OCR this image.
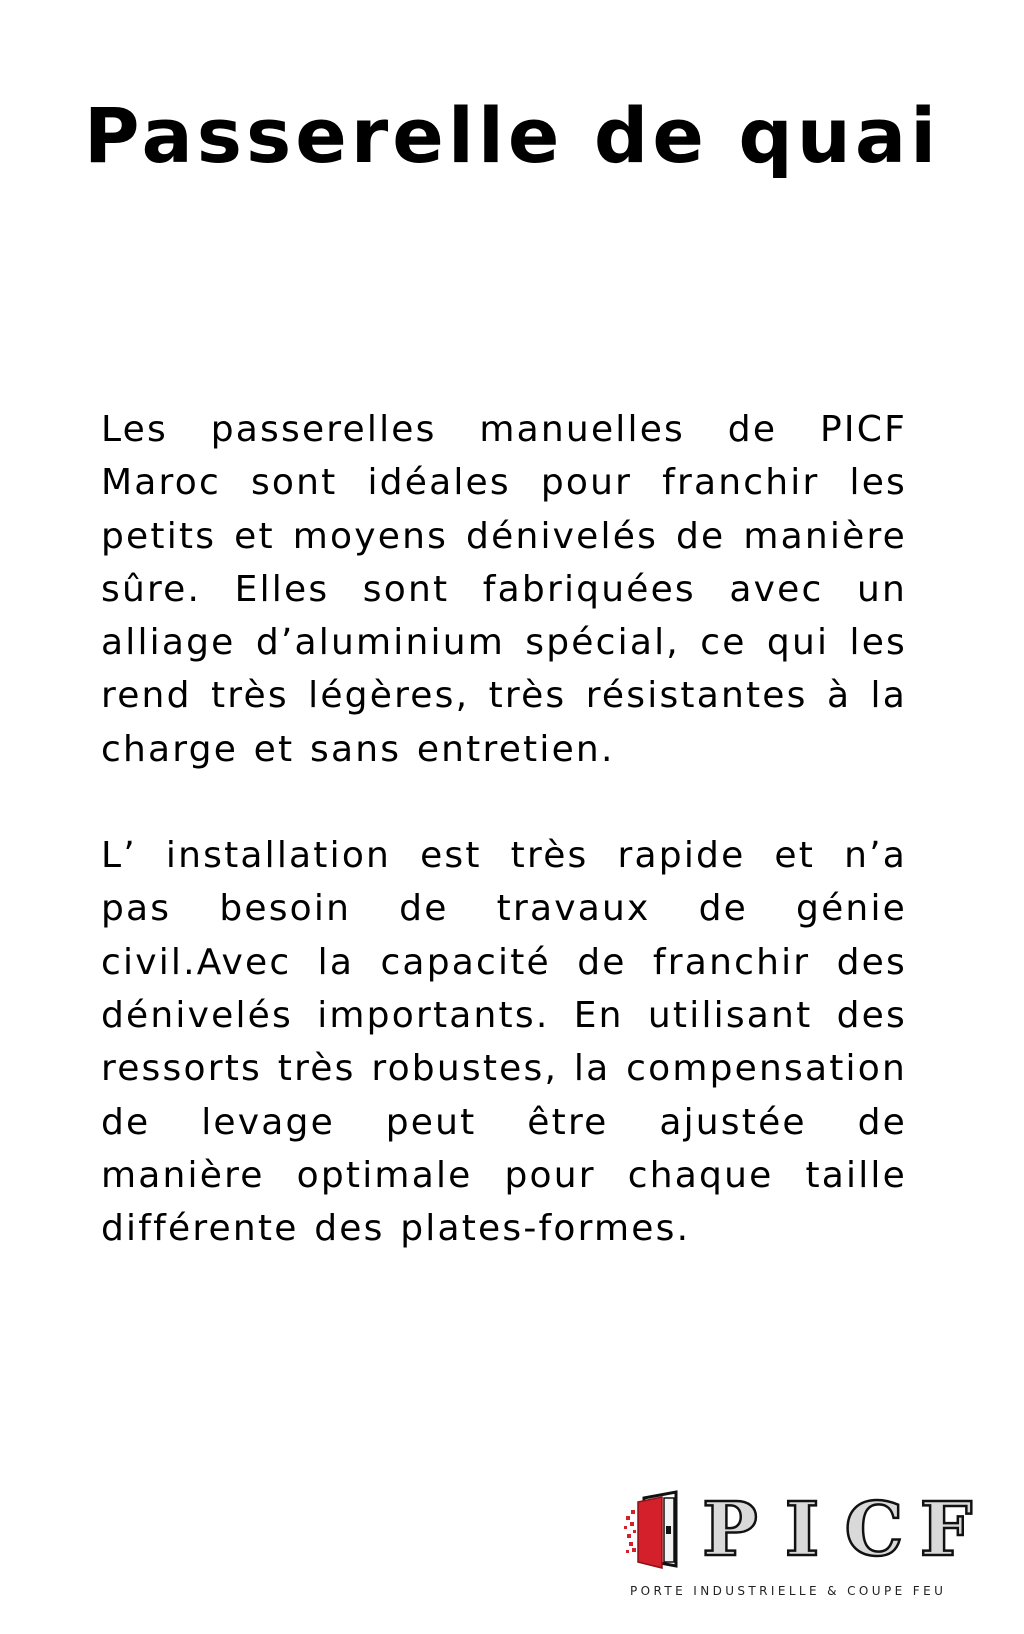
Passerelle de quai

Les passerelles manuelles de PICF Maroc sont idéales pour franchir les petits et moyens dénivelés de manière sûre. Elles sont fabriquées avec un alliage d’aluminium spécial, ce qui les rend très légères, très résistantes à la charge et sans entretien.

L’ installation est très rapide et n’a pas besoin de travaux de génie civil.Avec la capacité de franchir des dénivelés importants. En utilisant des ressorts très robustes, la compensation de levage peut être ajustée de manière optimale pour chaque taille différente des plates-formes.

P I C F
PORTE INDUSTRIELLE & COUPE FEU
